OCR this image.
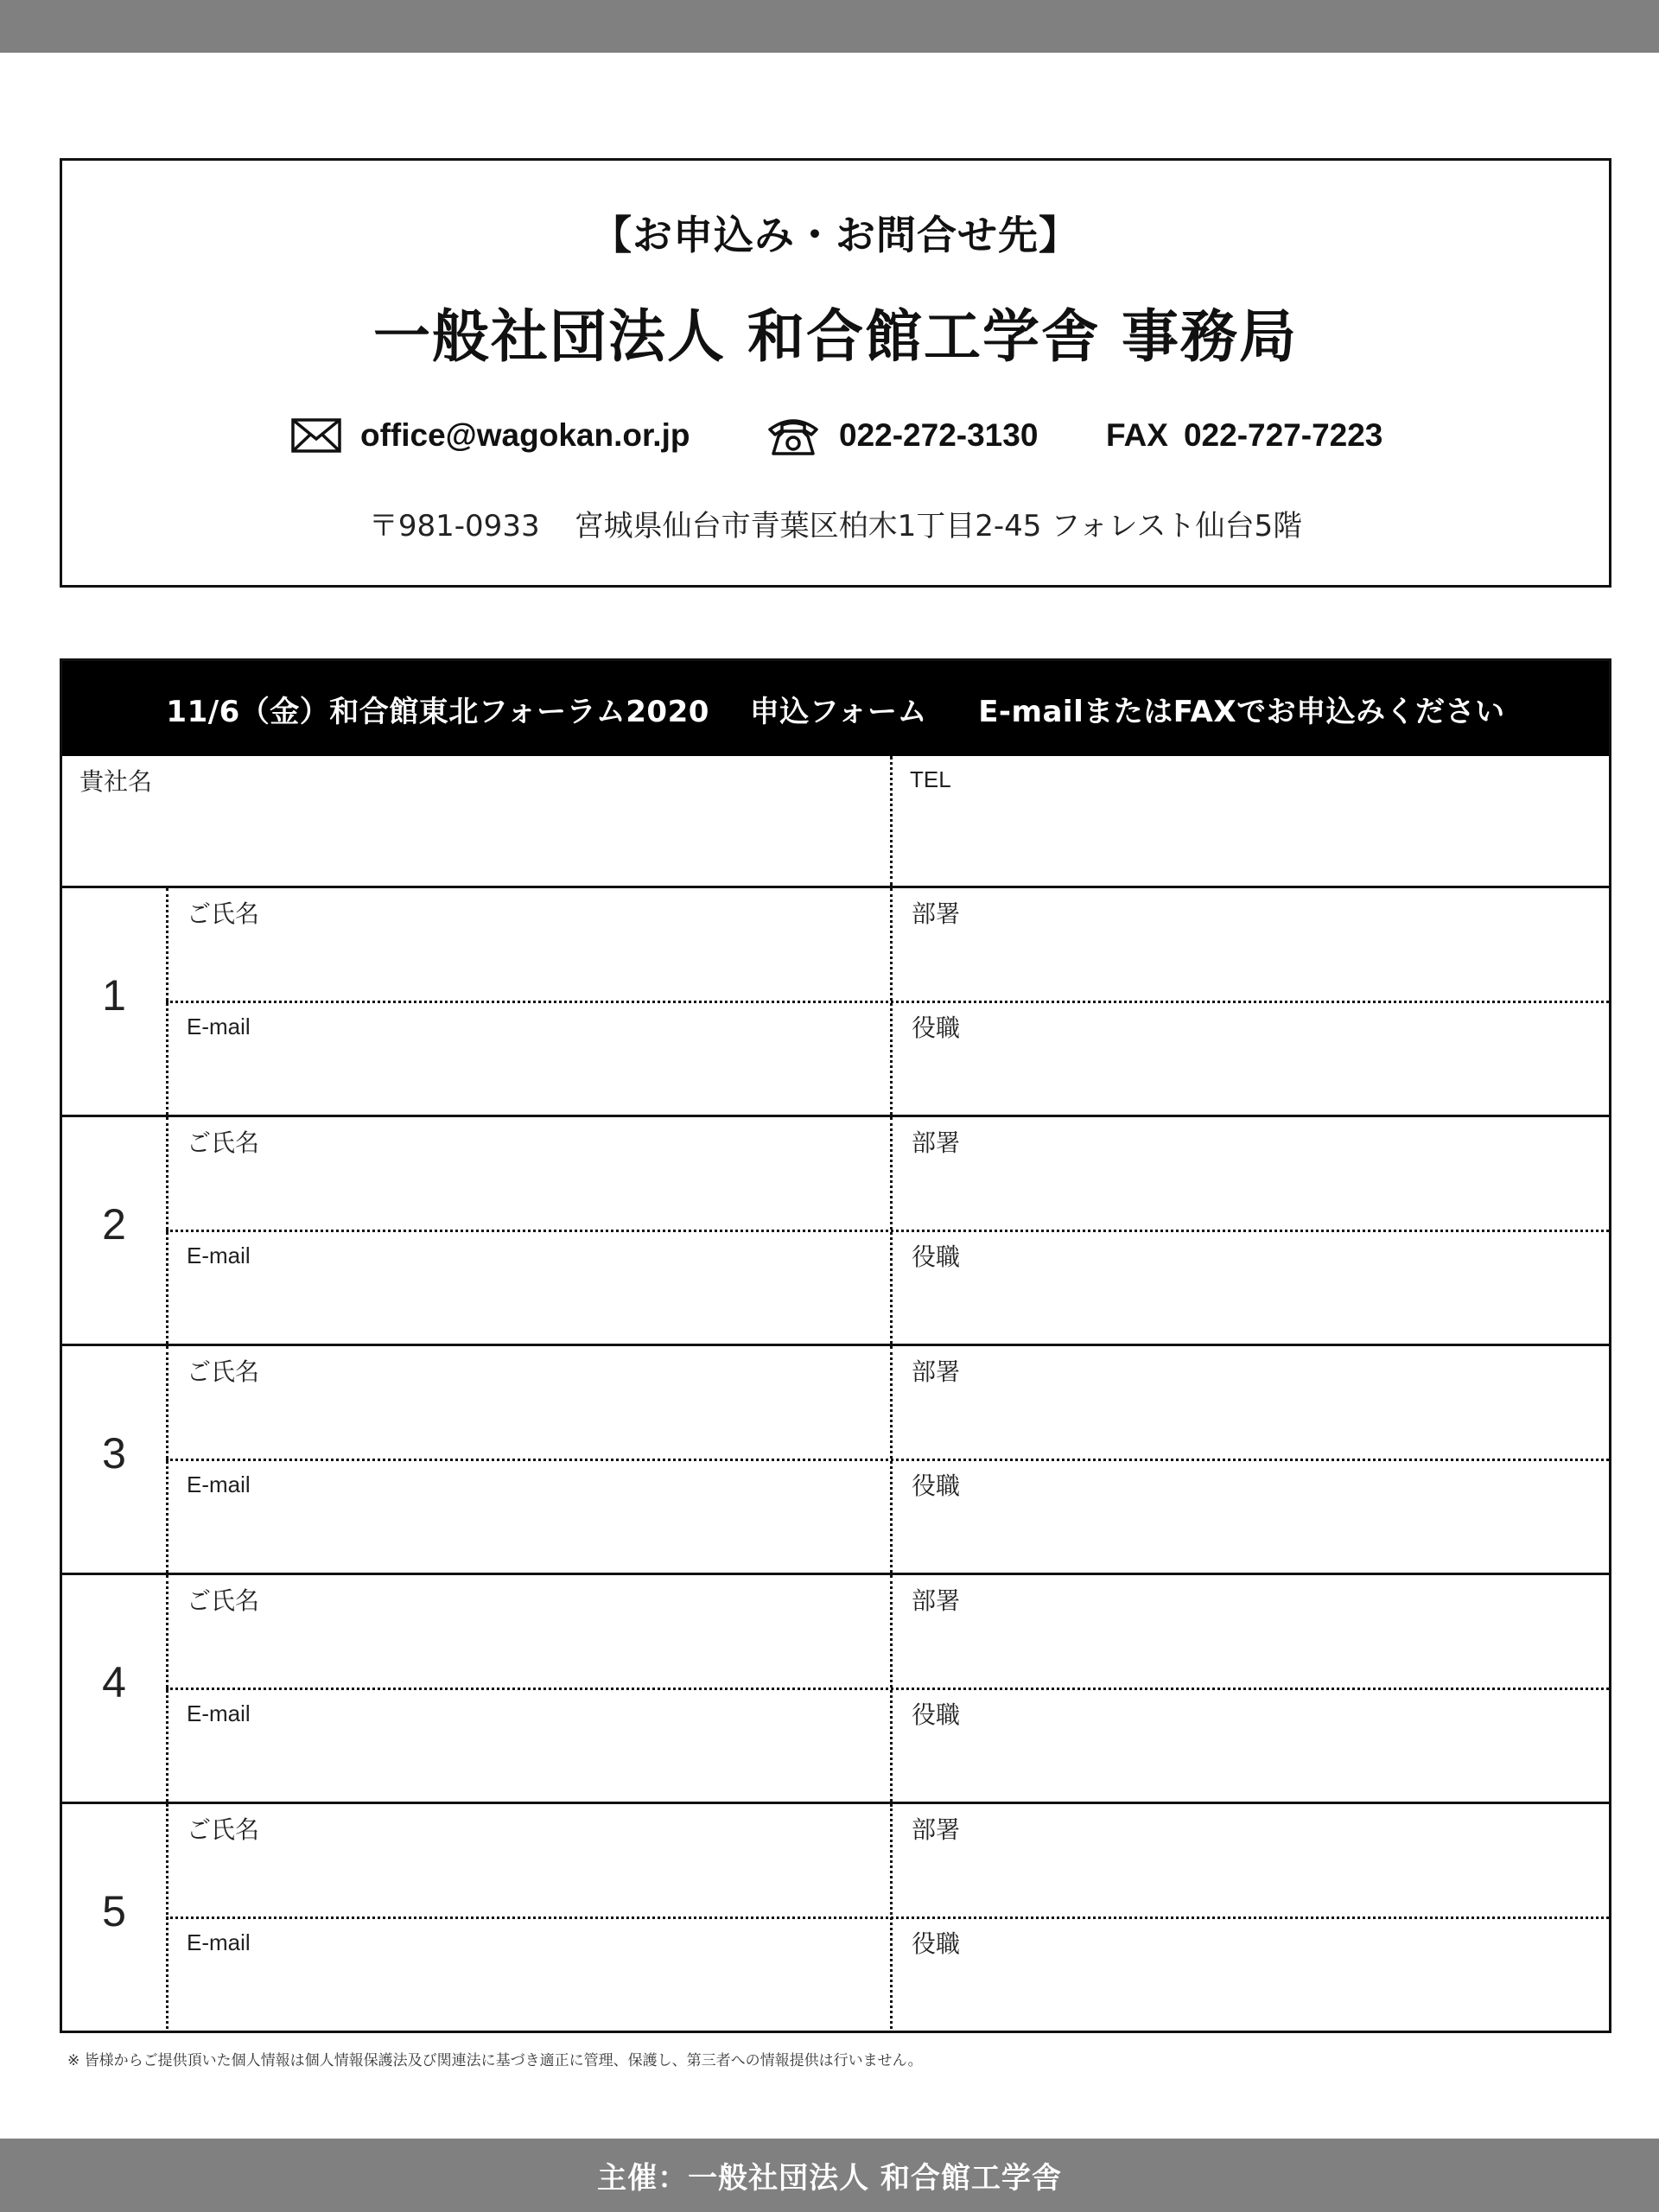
【お申込み・お問合せ先】
一般社団法人 和合館工学舎 事務局
office@wagokan.or.jp	022-272-3130 FAX 022-727-7223
〒981-0933 宮城県仙台市青葉区柏木1丁目2-45 フォレスト仙台5階
11/6（金）和合館東北フォーラム2020　 申込フォーム 　 E-mailまたはFAXでお申込みください
貴社名	TEL
1
ご氏名	部署
E-mail	役職
2
ご氏名	部署
E-mail	役職
3
ご氏名	部署
E-mail	役職
4
ご氏名	部署
E-mail	役職
5
ご氏名	部署
E-mail	役職
※ 皆様からご提供頂いた個人情報は個人情報保護法及び関連法に基づき適正に管理、保護し、第三者への情報提供は行いません。
主催：一般社団法人 和合館工学舎
